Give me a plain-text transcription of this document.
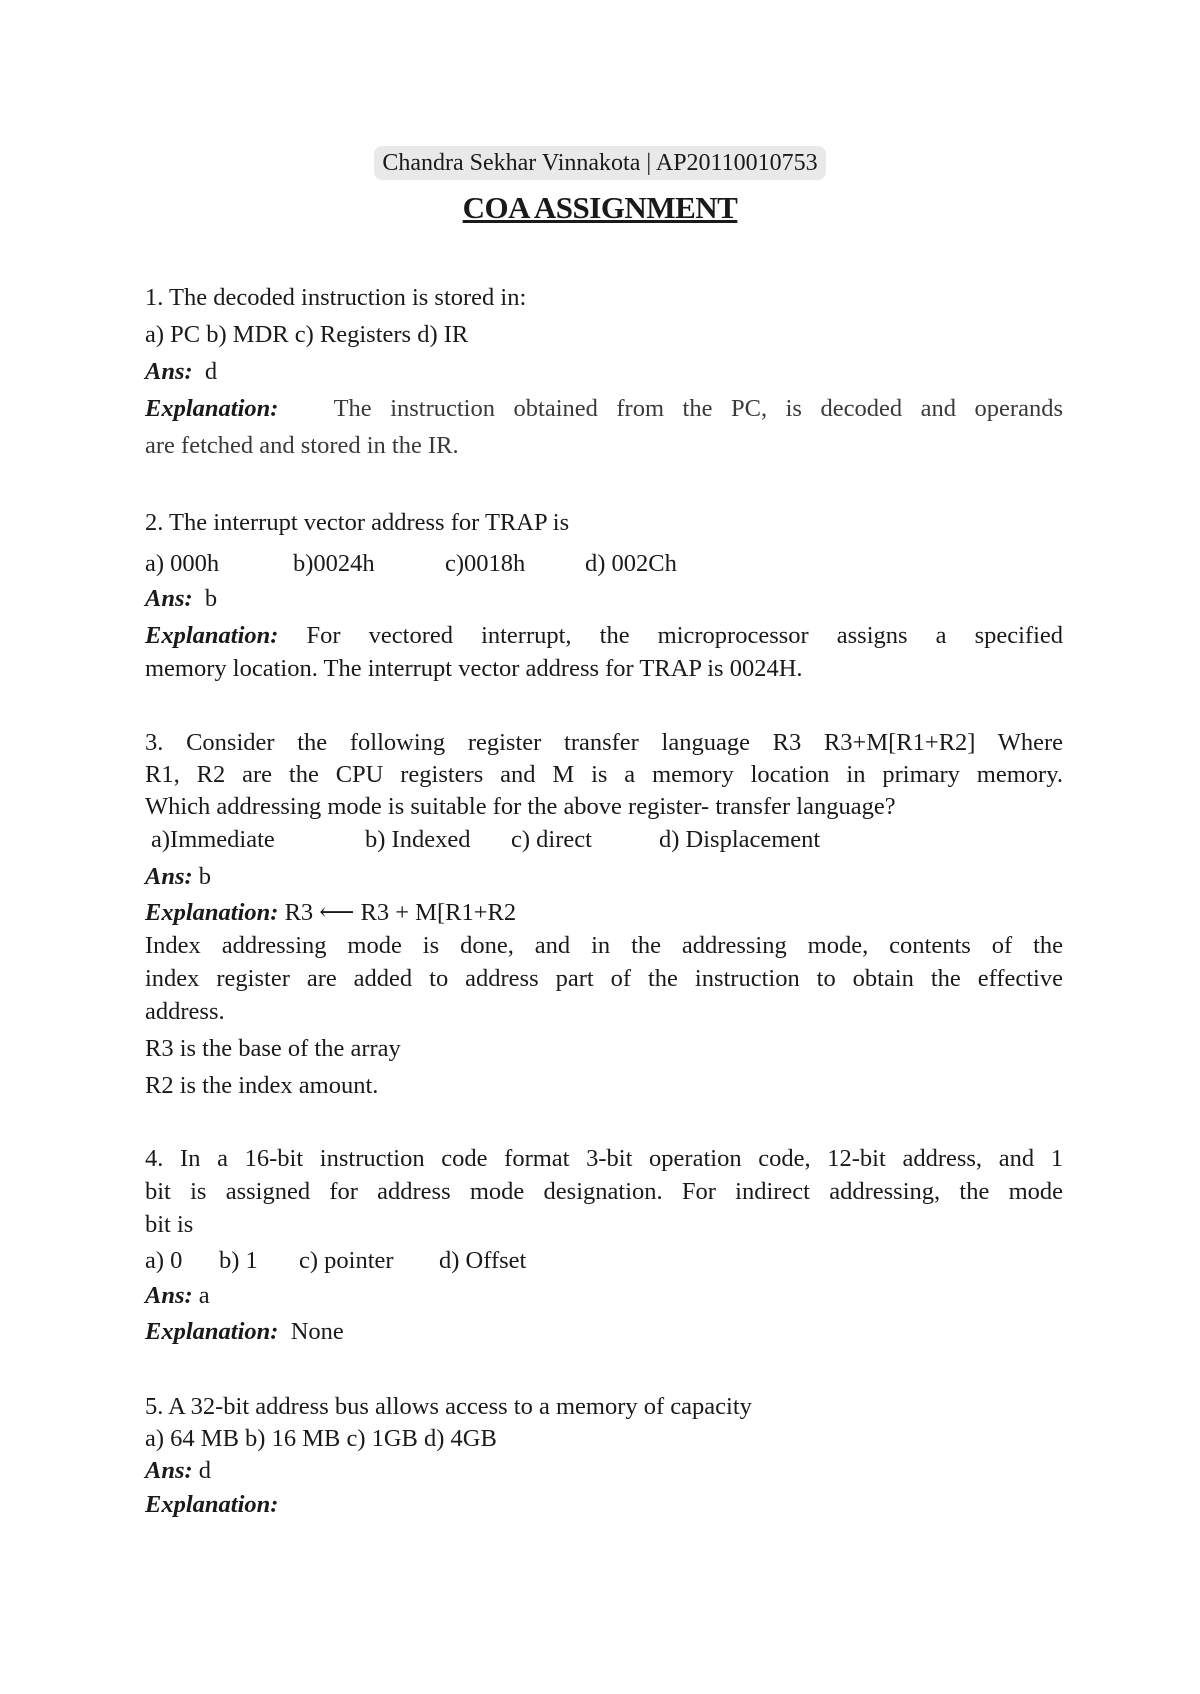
Chandra Sekhar Vinnakota | AP20110010753
COA ASSIGNMENT
1. The decoded instruction is stored in:
a) PC b) MDR c) Registers d) IR
Ans: d
Explanation: The instruction obtained from the PC, is decoded and operands
are fetched and stored in the IR.
2. The interrupt vector address for TRAP is
a) 000h	b)0024h	c)0018h d) 002Ch
Ans: b
Explanation: For vectored interrupt, the microprocessor assigns a specified
memory location. The interrupt vector address for TRAP is 0024H.
3. Consider the following register transfer language R3 R3+M[R1+R2] Where
R1, R2 are the CPU registers and M is a memory location in primary memory.
Which addressing mode is suitable for the above register- transfer language?
a)Immediate	b) Indexed c) direct	d) Displacement
Ans: b
Explanation: R3 ⟵ R3 + M[R1+R2
Index addressing mode is done, and in the addressing mode, contents of the
index register are added to address part of the instruction to obtain the effective
address.
R3 is the base of the array
R2 is the index amount.
4. In a 16-bit instruction code format 3-bit operation code, 12-bit address, and 1
bit is assigned for address mode designation. For indirect addressing, the mode
bit is
a) 0 b) 1 c) pointer d) Offset
Ans: a
Explanation: None
5. A 32-bit address bus allows access to a memory of capacity
a) 64 MB b) 16 MB c) 1GB d) 4GB
Ans: d
Explanation:
